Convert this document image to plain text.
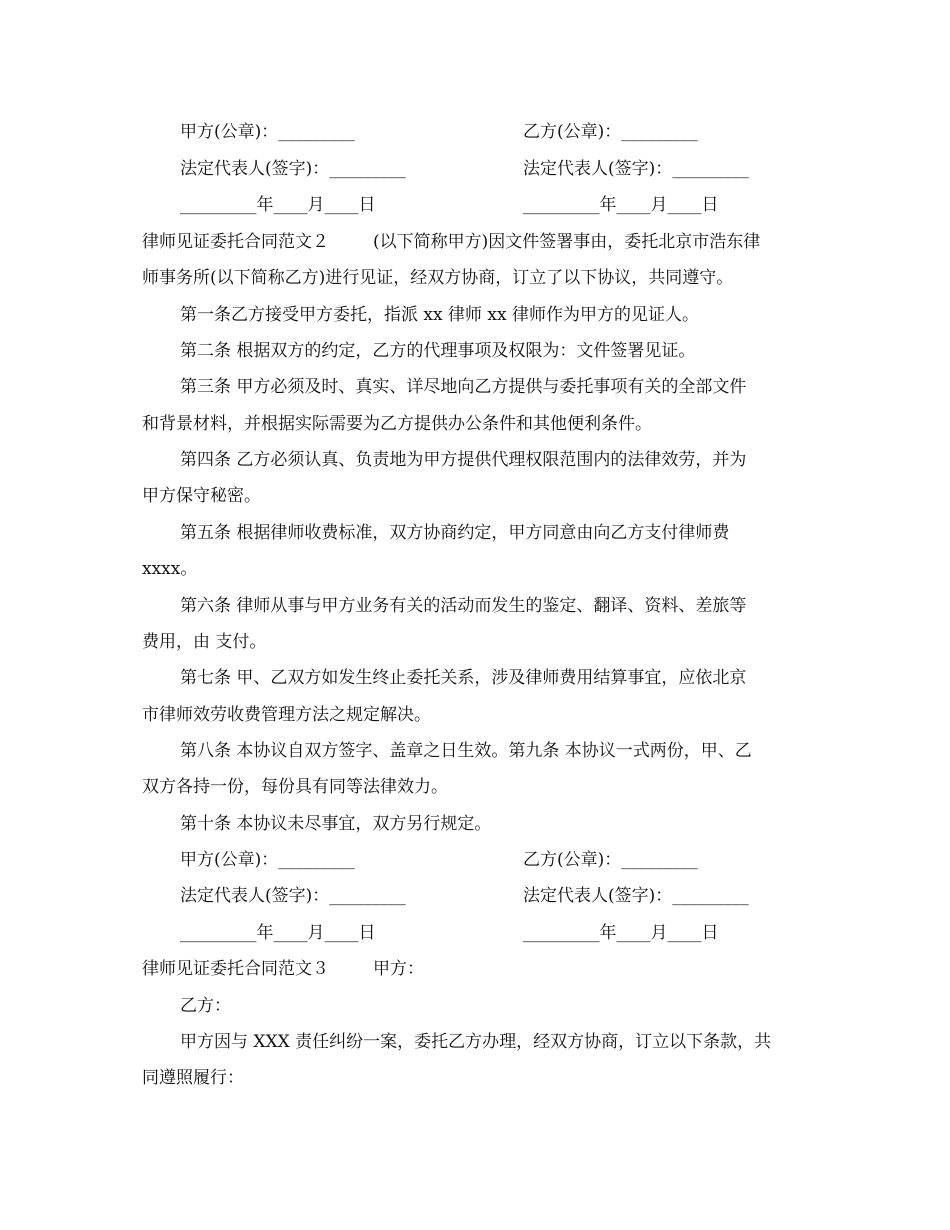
甲方(公章)：_________	乙方(公章)：_________
法定代表人(签字)：_________	法定代表人(签字)：_________
_________年____月____日	_________年____月____日
律师见证委托合同范文２	(以下简称甲方)因文件签署事由，委托北京市浩东律
师事务所(以下简称乙方)进行见证，经双方协商，订立了以下协议，共同遵守。
第一条乙方接受甲方委托，指派 xx 律师 xx 律师作为甲方的见证人。
第二条 根据双方的约定，乙方的代理事项及权限为：文件签署见证。
第三条 甲方必须及时、真实、详尽地向乙方提供与委托事项有关的全部文件
和背景材料，并根据实际需要为乙方提供办公条件和其他便利条件。
第四条 乙方必须认真、负责地为甲方提供代理权限范围内的法律效劳，并为
甲方保守秘密。
第五条 根据律师收费标准，双方协商约定，甲方同意由向乙方支付律师费
xxxx。
第六条 律师从事与甲方业务有关的活动而发生的鉴定、翻译、资料、差旅等
费用，由 支付。
第七条 甲、乙双方如发生终止委托关系，涉及律师费用结算事宜，应依北京
市律师效劳收费管理方法之规定解决。
第八条 本协议自双方签字、盖章之日生效。第九条 本协议一式两份，甲、乙
双方各持一份，每份具有同等法律效力。
第十条 本协议未尽事宜，双方另行规定。
甲方(公章)：_________	乙方(公章)：_________
法定代表人(签字)：_________	法定代表人(签字)：_________
_________年____月____日	_________年____月____日
律师见证委托合同范文３	甲方：
乙方：
甲方因与 XXX 责任纠纷一案，委托乙方办理，经双方协商，订立以下条款，共
同遵照履行：
